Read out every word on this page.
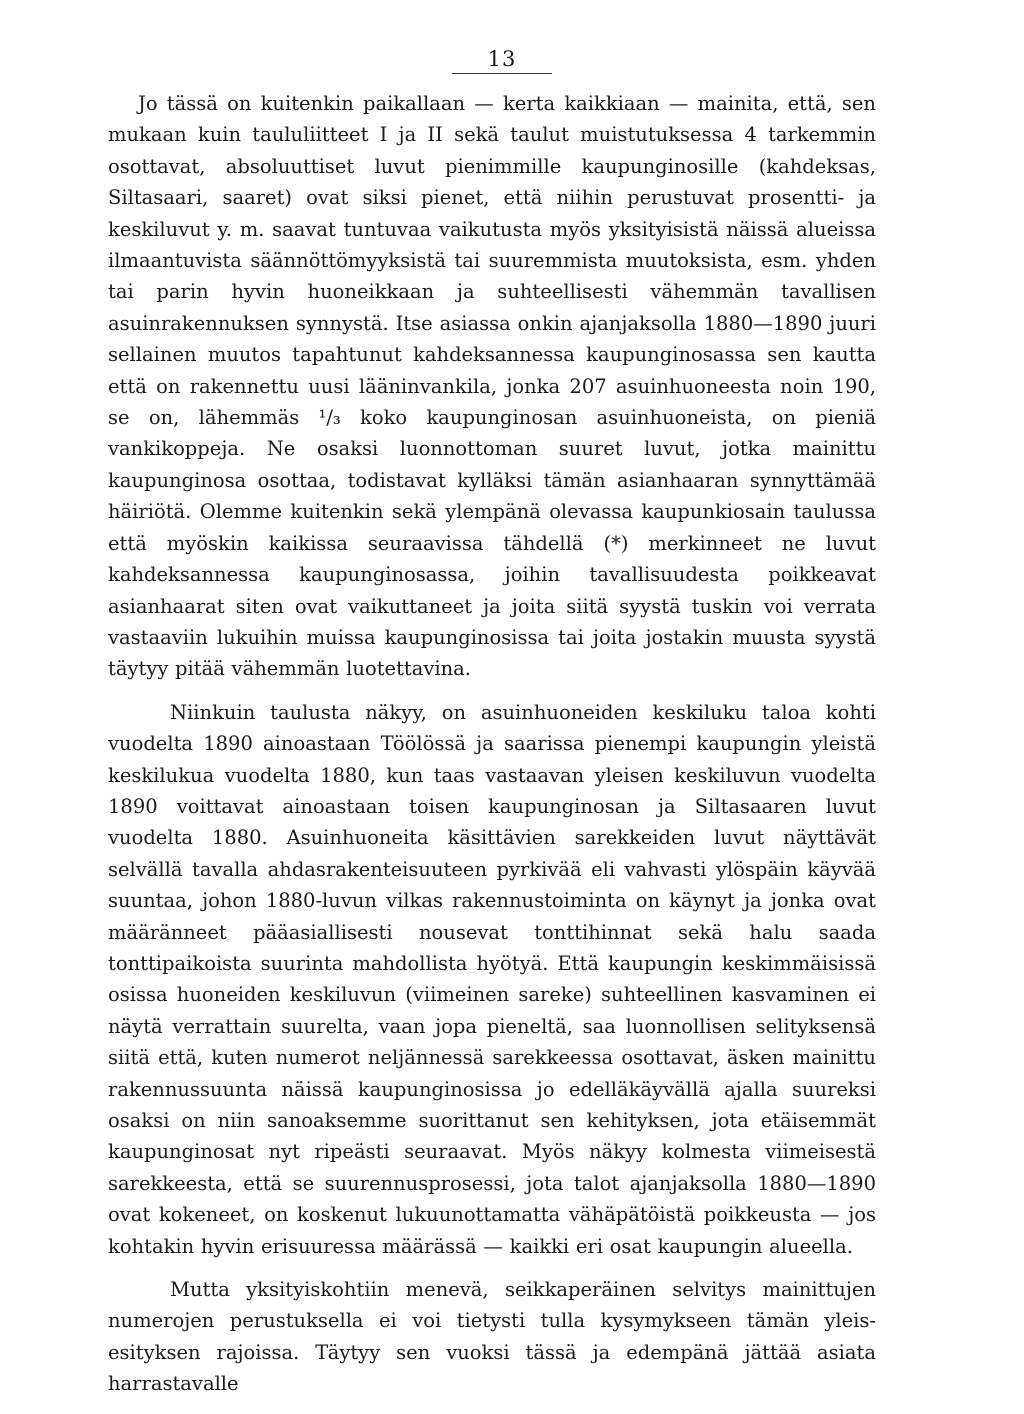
13

Jo tässä on kuitenkin paikallaan — kerta kaikkiaan — mainita, että, sen mukaan kuin taululiitteet I ja II sekä taulut muistutuksessa 4 tarkemmin osottavat, absoluuttiset luvut pienimmille kaupunginosille (kahdeksas, Siltasaari, saaret) ovat siksi pienet, että niihin perustuvat prosentti- ja keskiluvut y. m. saavat tuntuvaa vaikutusta myös yksityisistä näissä alueissa ilmaantuvista säännöttömyyksistä tai suuremmista muutoksista, esm. yhden tai parin hyvin huoneikkaan ja suhteellisesti vähemmän tavallisen asuinrakennuksen synnystä. Itse asiassa onkin ajanjaksolla 1880—1890 juuri sellainen muutos tapahtunut kahdeksannessa kaupunginosassa sen kautta että on rakennettu uusi lääninvankila, jonka 207 asuinhuoneesta noin 190, se on, lähemmäs ¹/₃ koko kaupunginosan asuinhuoneista, on pieniä vankikoppeja. Ne osaksi luonnottoman suuret luvut, jotka mainittu kaupunginosa osottaa, todistavat kylläksi tämän asianhaaran synnyttämää häiriötä. Olemme kuitenkin sekä ylempänä olevassa kaupunkiosain taulussa että myöskin kaikissa seuraavissa tähdellä (*) merkinneet ne luvut kahdeksannessa kaupunginosassa, joihin tavallisuudesta poikkeavat asianhaarat siten ovat vaikuttaneet ja joita siitä syystä tuskin voi verrata vastaaviin lukuihin muissa kaupunginosissa tai joita jostakin muusta syystä täytyy pitää vähemmän luotettavina.

Niinkuin taulusta näkyy, on asuinhuoneiden keskiluku taloa kohti vuodelta 1890 ainoastaan Töölössä ja saarissa pienempi kaupungin yleistä keskilukua vuodelta 1880, kun taas vastaavan yleisen keskiluvun vuodelta 1890 voittavat ainoastaan toisen kaupunginosan ja Siltasaaren luvut vuodelta 1880. Asuinhuoneita käsittävien sarekkeiden luvut näyttävät selvällä tavalla ahdasrakenteisuuteen pyrkivää eli vahvasti ylöspäin käyvää suuntaa, johon 1880-luvun vilkas rakennustoiminta on käynyt ja jonka ovat määränneet pääasiallisesti nousevat tonttihinnat sekä halu saada tonttipaikoista suurinta mahdollista hyötyä. Että kaupungin keskimmäisissä osissa huoneiden keskiluvun (viimeinen sareke) suhteellinen kasvaminen ei näytä verrattain suurelta, vaan jopa pieneltä, saa luonnollisen selityksensä siitä että, kuten numerot neljännessä sarekkeessa osottavat, äsken mainittu rakennussuunta näissä kaupunginosissa jo edelläkäyvällä ajalla suureksi osaksi on niin sanoaksemme suorittanut sen kehityksen, jota etäisemmät kaupunginosat nyt ripeästi seuraavat. Myös näkyy kolmesta viimeisestä sarekkeesta, että se suurennusprosessi, jota talot ajanjaksolla 1880—1890 ovat kokeneet, on koskenut lukuunottamatta vähäpätöistä poikkeusta — jos kohtakin hyvin erisuuressa määrässä — kaikki eri osat kaupungin alueella.

Mutta yksityiskohtiin menevä, seikkaperäinen selvitys mainittujen numerojen perustuksella ei voi tietysti tulla kysymykseen tämän yleis-esityksen rajoissa. Täytyy sen vuoksi tässä ja edempänä jättää asiata harrastavalle
